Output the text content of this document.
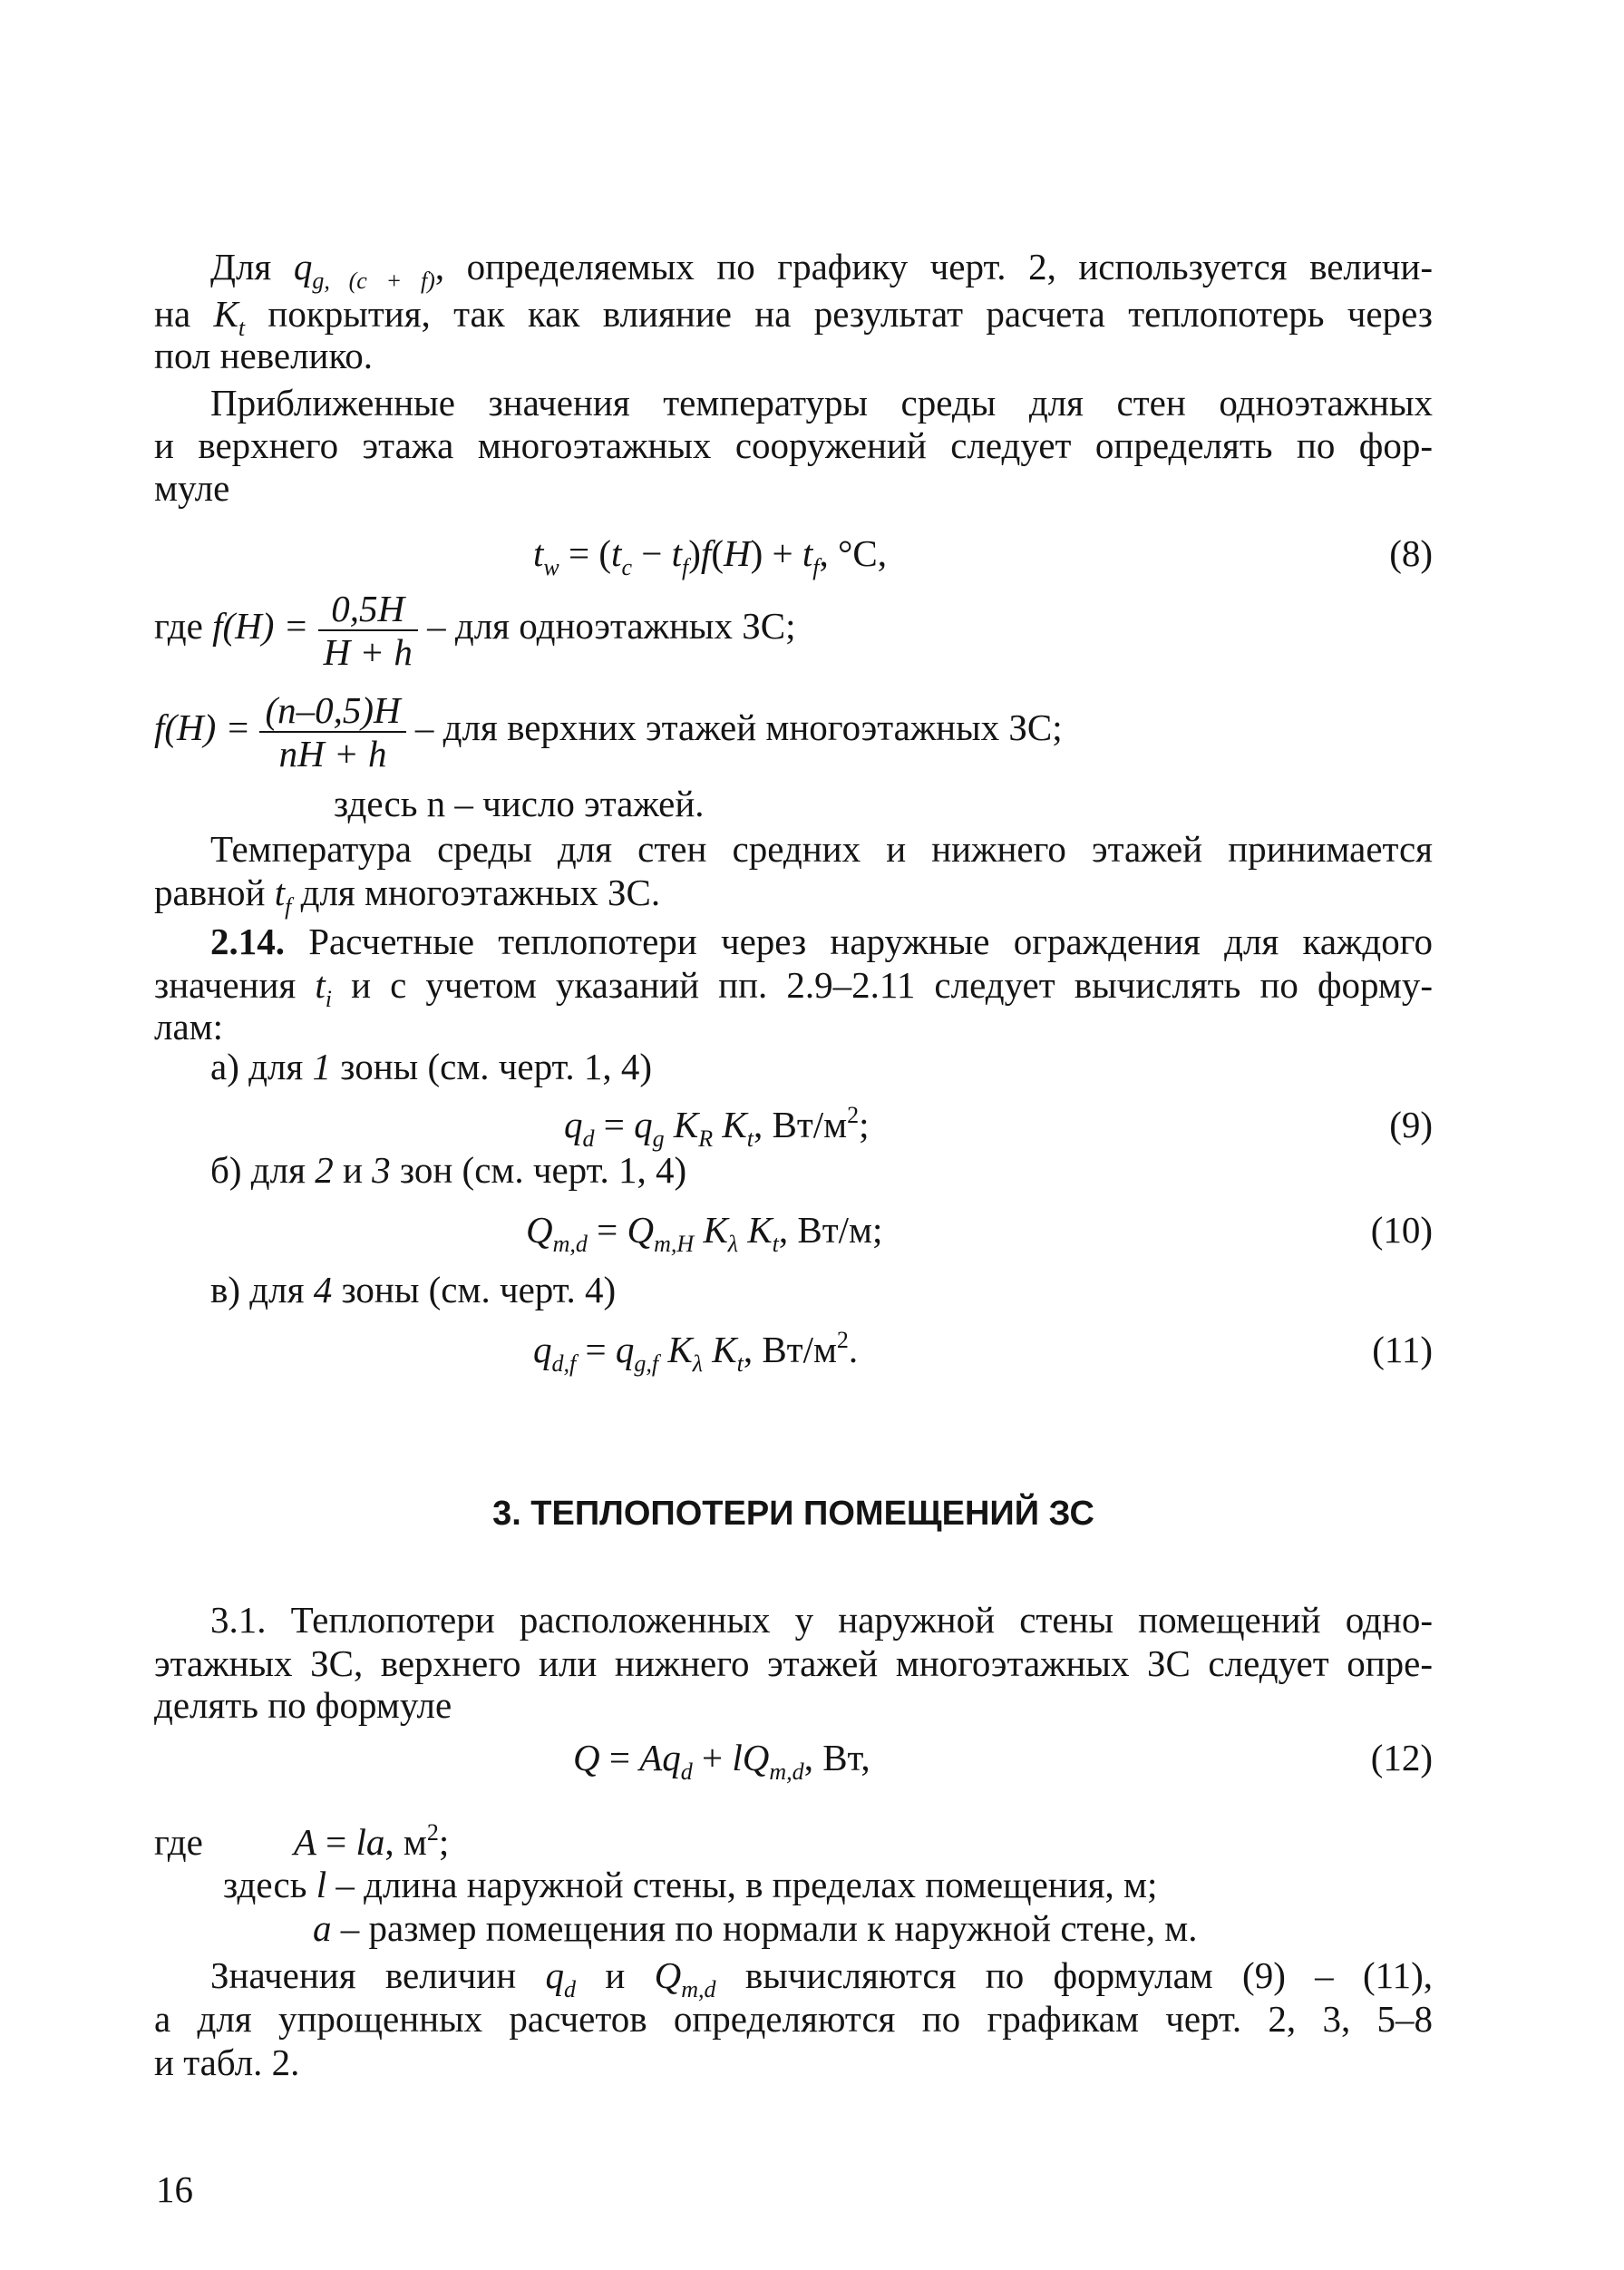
Для $q_{g, (c + f)}$, определяемых по графику черт. 2, используется величи-
на $K_t$ покрытия, так как влияние на результат расчета теплопотерь через
пол невелико.
Приближенные значения температуры среды для стен одноэтажных
и верхнего этажа многоэтажных сооружений следует определять по фор-
муле
$t_w = (t_c - t_f)f(H) + t_f$, °C,	(8)
где $f(H) = \frac{0,5H}{H + h}$ – для одноэтажных ЗС;
$f(H) = \frac{(n-0,5)H}{nH + h}$ – для верхних этажей многоэтажных ЗС;
здесь n – число этажей.
Температура среды для стен средних и нижнего этажей принимается
равной $t_f$ для многоэтажных ЗС.
2.14. Расчетные теплопотери через наружные ограждения для каждого
значения $t_i$ и с учетом указаний пп. 2.9–2.11 следует вычислять по форму-
лам:
а) для 1 зоны (см. черт. 1, 4)
$q_d = q_g$ $K_R$ $K_t$, $Вт/м^2$;	(9)
б) для 2 и 3 зон (см. черт. 1, 4)
$Q_{m,d} = Q_{m,H}$ $K_\lambda$ $K_t$, Вт/м;	(10)
в) для 4 зоны (см. черт. 4)
$q_{d,f} = q_{g,f}$ $K_\lambda$ $K_t$, $Вт/м^2$.	(11)
3. ТЕПЛОПОТЕРИ ПОМЕЩЕНИЙ ЗС
3.1. Теплопотери расположенных у наружной стены помещений одно-
этажных ЗС, верхнего или нижнего этажей многоэтажных ЗС следует опре-
делять по формуле
$Q = Aq_d + lQ_{m,d}$, Вт,	(12)
где A = la, $м^2$;
здесь l – длина наружной стены, в пределах помещения, м;
a – размер помещения по нормали к наружной стене, м.
Значения величин $q_d$ и $Q_{m,d}$ вычисляются по формулам (9) – (11),
а для упрощенных расчетов определяются по графикам черт. 2, 3, 5–8
и табл. 2.
16
